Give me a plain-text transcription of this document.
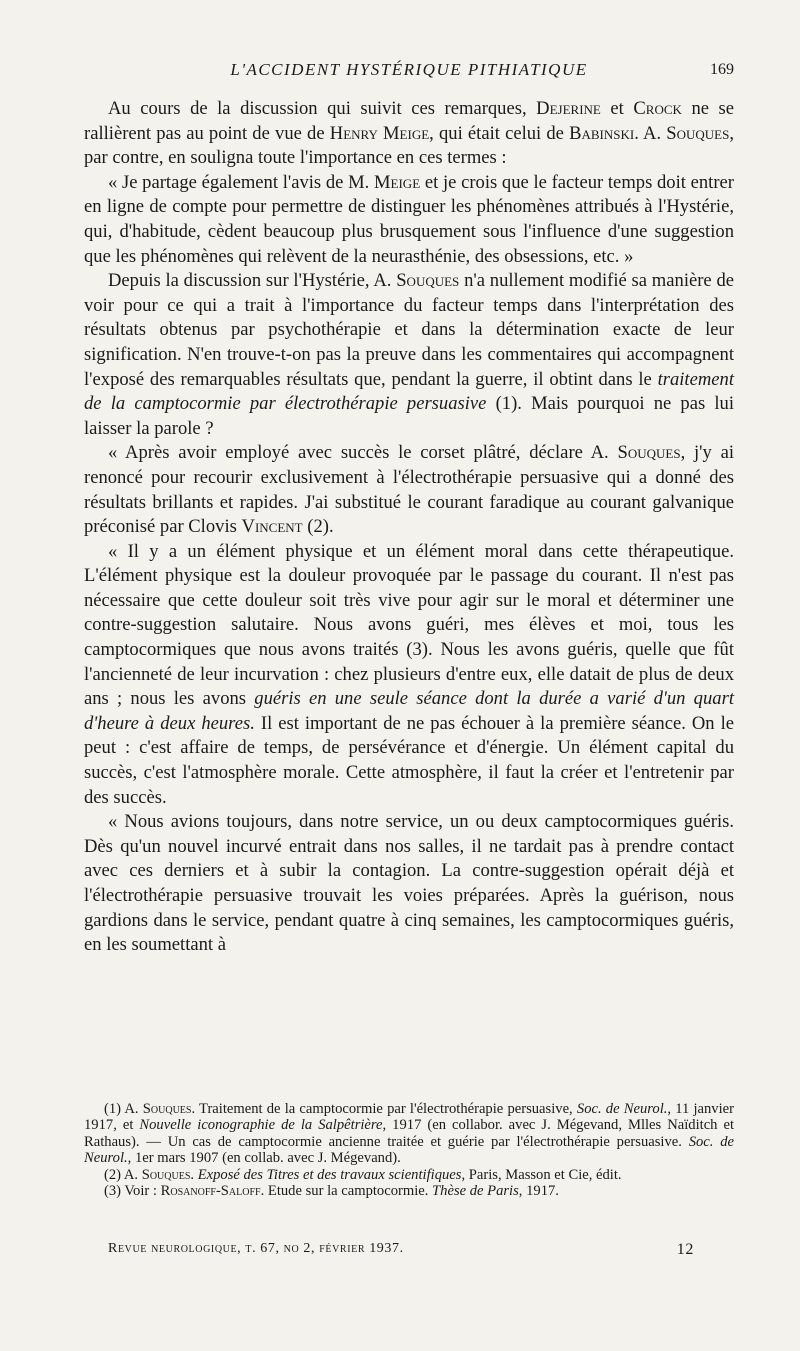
L'ACCIDENT HYSTÉRIQUE PITHIATIQUE	169

Au cours de la discussion qui suivit ces remarques, Dejerine et Crock ne se rallièrent pas au point de vue de Henry Meige, qui était celui de Babinski. A. Souques, par contre, en souligna toute l'importance en ces termes :

« Je partage également l'avis de M. Meige et je crois que le facteur temps doit entrer en ligne de compte pour permettre de distinguer les phénomènes attribués à l'Hystérie, qui, d'habitude, cèdent beaucoup plus brusquement sous l'influence d'une suggestion que les phénomènes qui relèvent de la neurasthénie, des obsessions, etc. »

Depuis la discussion sur l'Hystérie, A. Souques n'a nullement modifié sa manière de voir pour ce qui a trait à l'importance du facteur temps dans l'interprétation des résultats obtenus par psychothérapie et dans la détermination exacte de leur signification. N'en trouve-t-on pas la preuve dans les commentaires qui accompagnent l'exposé des remarquables résultats que, pendant la guerre, il obtint dans le traitement de la camptocormie par électrothérapie persuasive (1). Mais pourquoi ne pas lui laisser la parole ?

« Après avoir employé avec succès le corset plâtré, déclare A. Souques, j'y ai renoncé pour recourir exclusivement à l'électrothérapie persuasive qui a donné des résultats brillants et rapides. J'ai substitué le courant faradique au courant galvanique préconisé par Clovis Vincent (2).

« Il y a un élément physique et un élément moral dans cette thérapeutique. L'élément physique est la douleur provoquée par le passage du courant. Il n'est pas nécessaire que cette douleur soit très vive pour agir sur le moral et déterminer une contre-suggestion salutaire. Nous avons guéri, mes élèves et moi, tous les camptocormiques que nous avons traités (3). Nous les avons guéris, quelle que fût l'ancienneté de leur incurvation : chez plusieurs d'entre eux, elle datait de plus de deux ans ; nous les avons guéris en une seule séance dont la durée a varié d'un quart d'heure à deux heures. Il est important de ne pas échouer à la première séance. On le peut : c'est affaire de temps, de persévérance et d'énergie. Un élément capital du succès, c'est l'atmosphère morale. Cette atmosphère, il faut la créer et l'entretenir par des succès.

« Nous avions toujours, dans notre service, un ou deux camptocormiques guéris. Dès qu'un nouvel incurvé entrait dans nos salles, il ne tardait pas à prendre contact avec ces derniers et à subir la contagion. La contre-suggestion opérait déjà et l'électrothérapie persuasive trouvait les voies préparées. Après la guérison, nous gardions dans le service, pendant quatre à cinq semaines, les camptocormiques guéris, en les soumettant à

(1) A. Souques. Traitement de la camptocormie par l'électrothérapie persuasive, Soc. de Neurol., 11 janvier 1917, et Nouvelle iconographie de la Salpêtrière, 1917 (en collabor. avec J. Mégevand, Mlles Naïditch et Rathaus). — Un cas de camptocormie ancienne traitée et guérie par l'électrothérapie persuasive. Soc. de Neurol., 1er mars 1907 (en collab. avec J. Mégevand).

(2) A. Souques. Exposé des Titres et des travaux scientifiques, Paris, Masson et Cie, édit.

(3) Voir : Rosanoff-Saloff. Etude sur la camptocormie. Thèse de Paris, 1917.

Revue neurologique, t. 67, no 2, février 1937.	12
